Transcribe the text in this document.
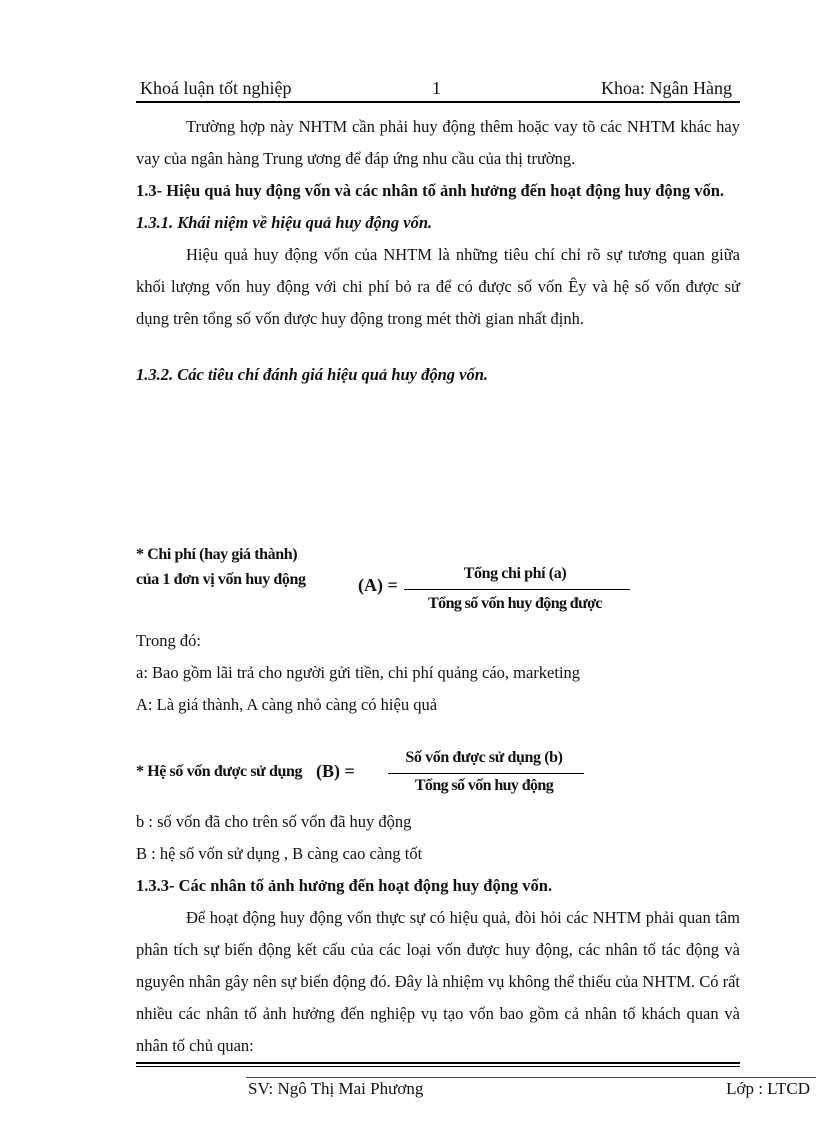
Khoá luận tốt nghiệp	1	Khoa: Ngân Hàng

Trường hợp này NHTM cần phải huy động thêm hoặc vay tõ các NHTM khác hay vay của ngân hàng Trung ương để đáp ứng nhu cầu của thị trường.

1.3- Hiệu quả huy động vốn và các nhân tố ảnh hưởng đến hoạt động huy động vốn.

1.3.1. Khái niệm về hiệu quả huy động vốn.

Hiệu quả huy động vốn của NHTM là những tiêu chí chỉ rõ sự tương quan giữa khối lượng vốn huy động với chi phí bỏ ra để có được số vốn Êy và hệ số vốn được sử dụng trên tổng số vốn được huy động trong mét thời gian nhất định.

1.3.2. Các tiêu chí đánh giá hiệu quả huy động vốn.

* Chi phí (hay giá thành)
của 1 đơn vị vốn huy động	(A) =
Tổng chi phí (a)
Tổng số vốn huy động được

Trong đó:

a: Bao gồm lãi trả cho người gửi tiền, chi phí quảng cáo, marketing

A: Là giá thành, A càng nhỏ càng có hiệu quả

* Hệ số vốn được sử dụng (B) =
Số vốn được sử dụng (b)
Tổng số vốn huy động

b : số vốn đã cho trên số vốn đã huy động

B : hệ số vốn sử dụng , B càng cao càng tốt

1.3.3- Các nhân tố ảnh hưởng đến hoạt động huy động vốn.

Để hoạt động huy động vốn thực sự có hiệu quả, đòi hỏi các NHTM phải quan tâm phân tích sự biến động kết cấu của các loại vốn được huy động, các nhân tố tác động và nguyên nhân gây nên sự biến động đó. Đây là nhiệm vụ không thể thiếu của NHTM. Có rất nhiều các nhân tố ảnh hưởng đến nghiệp vụ tạo vốn bao gồm cả nhân tố khách quan và nhân tố chủ quan:

SV: Ngô Thị Mai Phương	Lớp : LTCD
